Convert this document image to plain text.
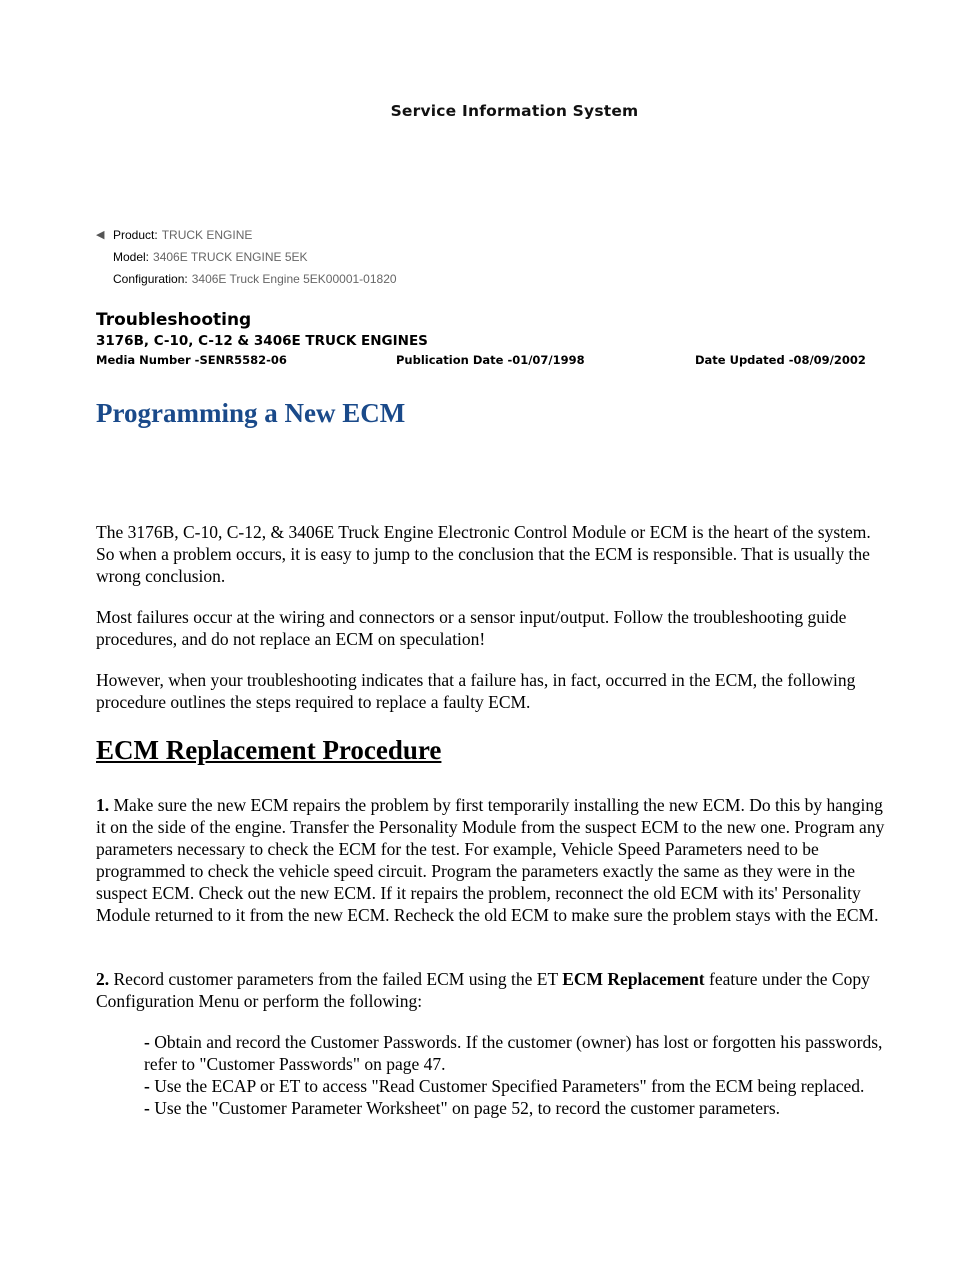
Service Information System
◀ Product: TRUCK ENGINE
Model: 3406E TRUCK ENGINE 5EK
Configuration: 3406E Truck Engine 5EK00001-01820
Troubleshooting
3176B, C-10, C-12 & 3406E TRUCK ENGINES
Media Number -SENR5582-06	Publication Date -01/07/1998	Date Updated -08/09/2002
Programming a New ECM

The 3176B, C-10, C-12, & 3406E Truck Engine Electronic Control Module or ECM is the heart of the system. So when a problem occurs, it is easy to jump to the conclusion that the ECM is responsible. That is usually the wrong conclusion.

Most failures occur at the wiring and connectors or a sensor input/output. Follow the troubleshooting guide procedures, and do not replace an ECM on speculation!

However, when your troubleshooting indicates that a failure has, in fact, occurred in the ECM, the following procedure outlines the steps required to replace a faulty ECM.

ECM Replacement Procedure

1. Make sure the new ECM repairs the problem by first temporarily installing the new ECM. Do this by hanging it on the side of the engine. Transfer the Personality Module from the suspect ECM to the new one. Program any parameters necessary to check the ECM for the test. For example, Vehicle Speed Parameters need to be programmed to check the vehicle speed circuit. Program the parameters exactly the same as they were in the suspect ECM. Check out the new ECM. If it repairs the problem, reconnect the old ECM with its' Personality Module returned to it from the new ECM. Recheck the old ECM to make sure the problem stays with the ECM.

2. Record customer parameters from the failed ECM using the ET ECM Replacement feature under the Copy Configuration Menu or perform the following:

- Obtain and record the Customer Passwords. If the customer (owner) has lost or forgotten his passwords, refer to "Customer Passwords" on page 47.

- Use the ECAP or ET to access "Read Customer Specified Parameters" from the ECM being replaced.

- Use the "Customer Parameter Worksheet" on page 52, to record the customer parameters.
